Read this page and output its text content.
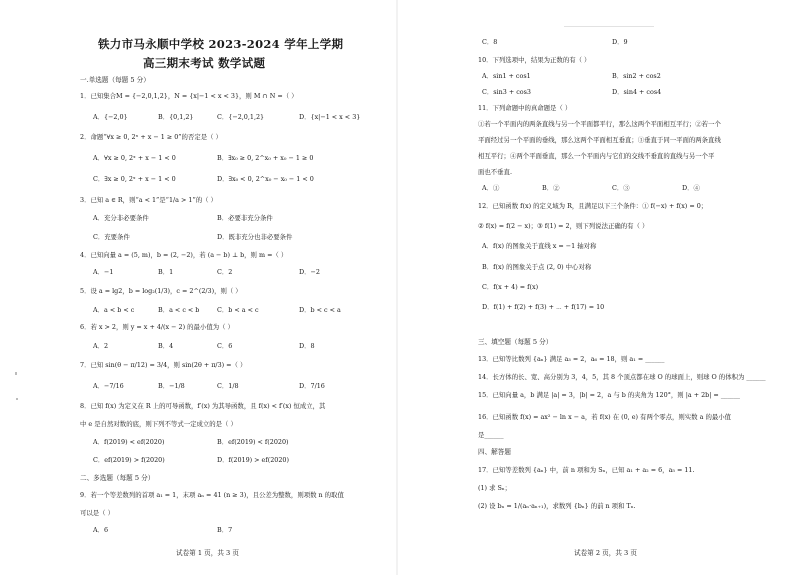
铁力市马永顺中学校 2023-2024 学年上学期
高三期末考试 数学试题
一.单选题（每题 5 分）
1．已知集合M = {−2,0,1,2}，N = {x|−1 < x < 3}，则 M ∩ N =（ ）
A．{−2,0}	B．{0,1,2}	C．{−2,0,1,2}	D．{x|−1 < x < 3}
2．命题“∀x ≥ 0, 2ˣ + x − 1 ≥ 0”的否定是（ ）
A．∀x ≥ 0, 2ˣ + x − 1 < 0	B．∃x₀ ≥ 0, 2^x₀ + x₀ − 1 ≥ 0
C．∃x ≥ 0, 2ˣ + x − 1 < 0	D．∃x₀ < 0, 2^x₀ − x₀ − 1 < 0
3．已知 a ∈ R，则“a < 1”是“1/a > 1”的（ ）
A．充分非必要条件	B．必要非充分条件
C．充要条件	D．既非充分也非必要条件
4．已知向量 a = (5, m)，b = (2, −2)，若 (a − b) ⊥ b，则 m =（ ）
A．−1	B．1	C．2	D．−2
5．设 a = lg2，b = log₂(1/3)，c = 2^(2/3)，则（ ）
A．a < b < c	B．a < c < b	C．b < a < c	D．b < c < a
6．若 x > 2，则 y = x + 4/(x − 2) 的最小值为（ ）
A．2	B．4	C．6	D．8
7．已知 sin(θ − π/12) = 3/4，则 sin(2θ + π/3) =（ ）
A．−7/16	B．−1/8	C．1/8	D．7/16
8．已知 f(x) 为定义在 R 上的可导函数，f′(x) 为其导函数，且 f(x) < f′(x) 恒成立，其
中 e 是自然对数的底，则下列不等式一定成立的是（ ）
A．f(2019) < ef(2020)	B．ef(2019) < f(2020)
C．ef(2019) > f(2020)	D．f(2019) > ef(2020)
二、多选题（每题 5 分）
9．若一个等差数列的首项 a₁ = 1，末项 aₙ = 41 (n ≥ 3)，且公差为整数，则项数 n 的取值
可以是（ ）
A．6	B．7
试卷第 1 页，共 3 页
C．8	D．9
10．下列选项中，结果为正数的有（ ）
A．sin1 + cos1	B．sin2 + cos2
C．sin3 + cos3	D．sin4 + cos4
11．下列命题中的真命题是（ ）
①若一个平面内的两条直线与另一个平面都平行，那么这两个平面相互平行；②若一个
平面经过另一个平面的垂线，那么这两个平面相互垂直；③垂直于同一平面的两条直线
相互平行；④两个平面垂直，那么一个平面内与它们的交线不垂直的直线与另一个平
面也不垂直.
A．①	B．②	C．③	D．④
12．已知函数 f(x) 的定义域为 R，且满足以下三个条件：① f(−x) + f(x) = 0；
② f(x) = f(2 − x)；③ f(1) = 2，则下列说法正确的有（ ）
A．f(x) 的图象关于直线 x = −1 轴对称
B．f(x) 的图象关于点 (2, 0) 中心对称
C．f(x + 4) = f(x)
D．f(1) + f(2) + f(3) + ⋯ + f(17) = 10
三、填空题（每题 5 分）
13．已知等比数列 {aₙ} 满足 a₃ = 2，a₆ = 18，则 a₁ = ______
14．长方体的长、宽、高分别为 3，4，5，其 8 个顶点都在球 O 的球面上，则球 O 的体积为 ______
15．已知向量 a，b 满足 |a| = 3，|b| = 2，a 与 b 的夹角为 120°，则 |a + 2b| = ______
16．已知函数 f(x) = ax² − ln x − a，若 f(x) 在 (0, e) 有两个零点，则实数 a 的最小值
是______
四、解答题
17．已知等差数列 {aₙ} 中，前 n 项和为 Sₙ，已知 a₁ + a₂ = 6，a₅ = 11.
(1) 求 Sₙ；
(2) 设 bₙ = 1/(aₙ·aₙ₊₁)，求数列 {bₙ} 的前 n 项和 Tₙ.
试卷第 2 页，共 3 页
